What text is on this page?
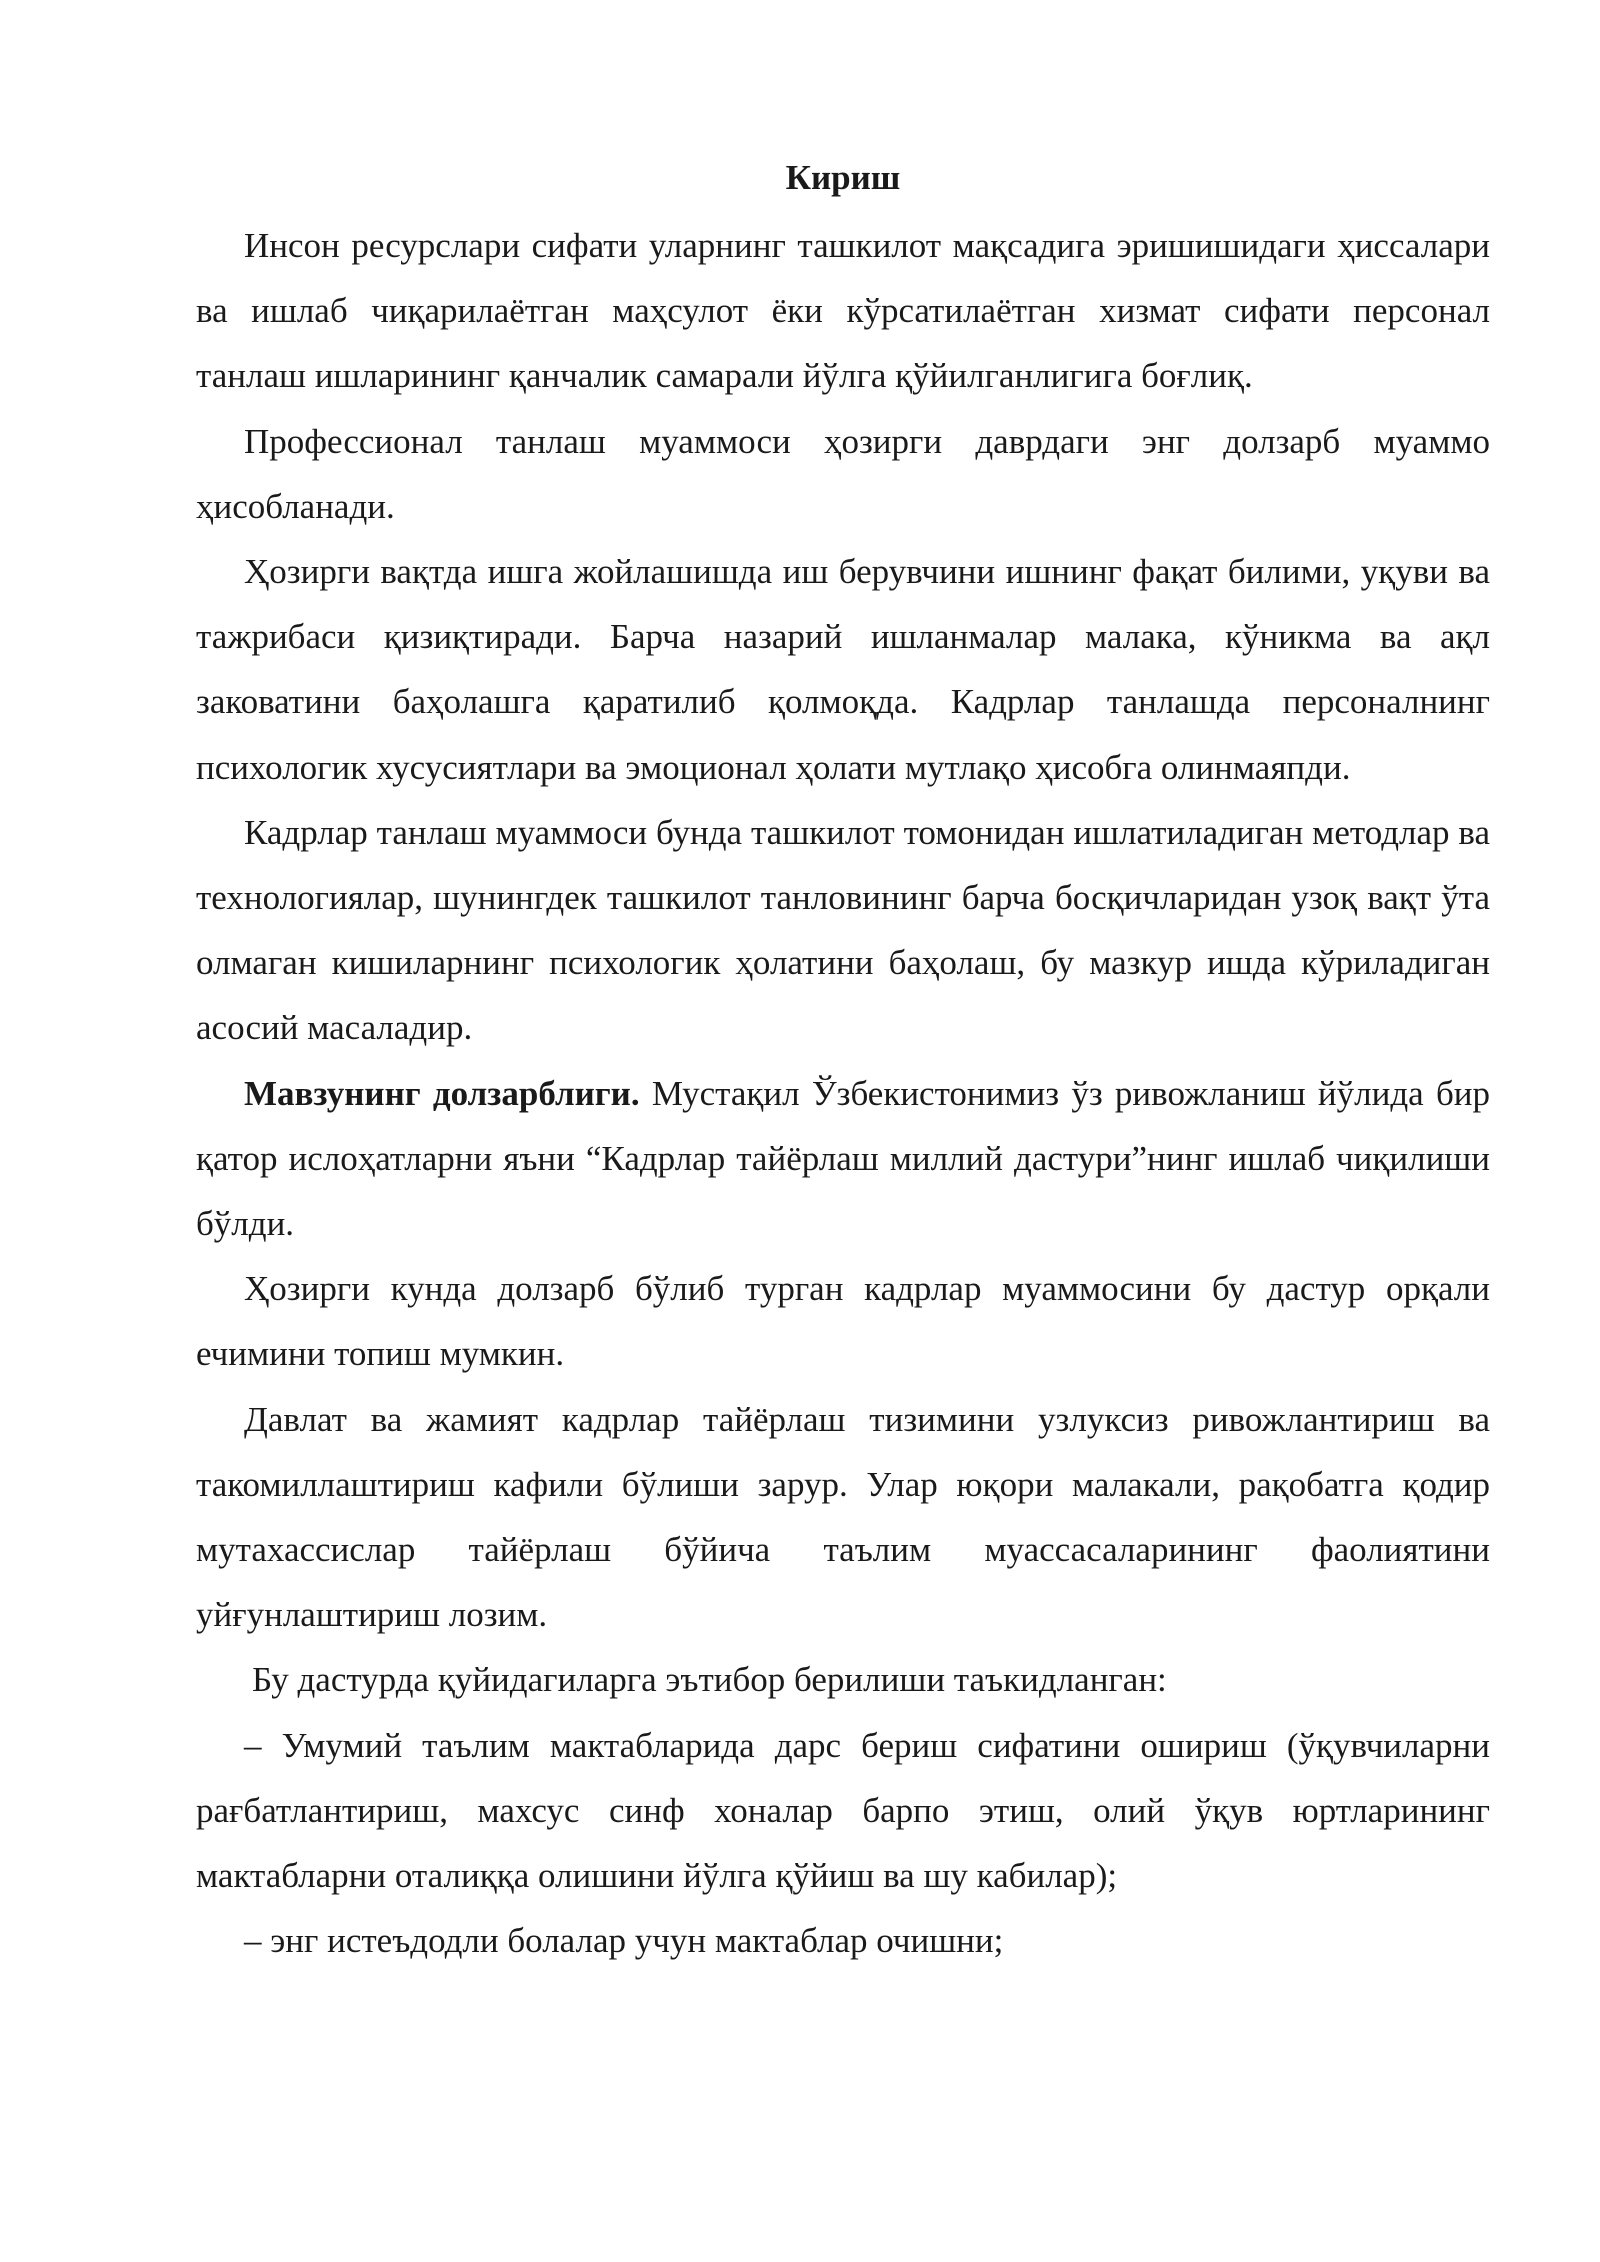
Кириш

Инсон ресурслари сифати уларнинг ташкилот мақсадига эришишидаги ҳиссалари ва ишлаб чиқарилаётган маҳсулот ёки кўрсатилаётган хизмат сифати персонал танлаш ишларининг қанчалик самарали йўлга қўйилганлигига боғлиқ.

Профессионал танлаш муаммоси ҳозирги даврдаги энг долзарб муаммо ҳисобланади.

Ҳозирги вақтда ишга жойлашишда иш берувчини ишнинг фақат билими, уқуви ва тажрибаси қизиқтиради. Барча назарий ишланмалар малака, кўникма ва ақл заковатини баҳолашга қаратилиб қолмоқда. Кадрлар танлашда персоналнинг психологик хусусиятлари ва эмоционал ҳолати мутлақо ҳисобга олинмаяпди.

Кадрлар танлаш муаммоси бунда ташкилот томонидан ишлатиладиган методлар ва технологиялар, шунингдек ташкилот танловининг барча босқичларидан узоқ вақт ўта олмаган кишиларнинг психологик ҳолатини баҳолаш, бу мазкур ишда кўриладиган асосий масаладир.

Мавзунинг долзарблиги. Мустақил Ўзбекистонимиз ўз ривожланиш йўлида бир қатор ислоҳатларни яъни “Кадрлар тайёрлаш миллий дастури”нинг ишлаб чиқилиши бўлди.

Ҳозирги кунда долзарб бўлиб турган кадрлар муаммосини бу дастур орқали ечимини топиш мумкин.

Давлат ва жамият кадрлар тайёрлаш тизимини узлуксиз ривожлантириш ва такомиллаштириш кафили бўлиши зарур. Улар юқори малакали, рақобатга қодир мутахассислар тайёрлаш бўйича таълим муассасаларининг фаолиятини уйғунлаштириш лозим.

Бу дастурда қуйидагиларга эътибор берилиши таъкидланган:

– Умумий таълим мактабларида дарс бериш сифатини ошириш (ўқувчиларни рағбатлантириш, махсус синф хоналар барпо этиш, олий ўқув юртларининг мактабларни оталиққа олишини йўлга қўйиш ва шу кабилар);

– энг истеъдодли болалар учун мактаблар очишни;
